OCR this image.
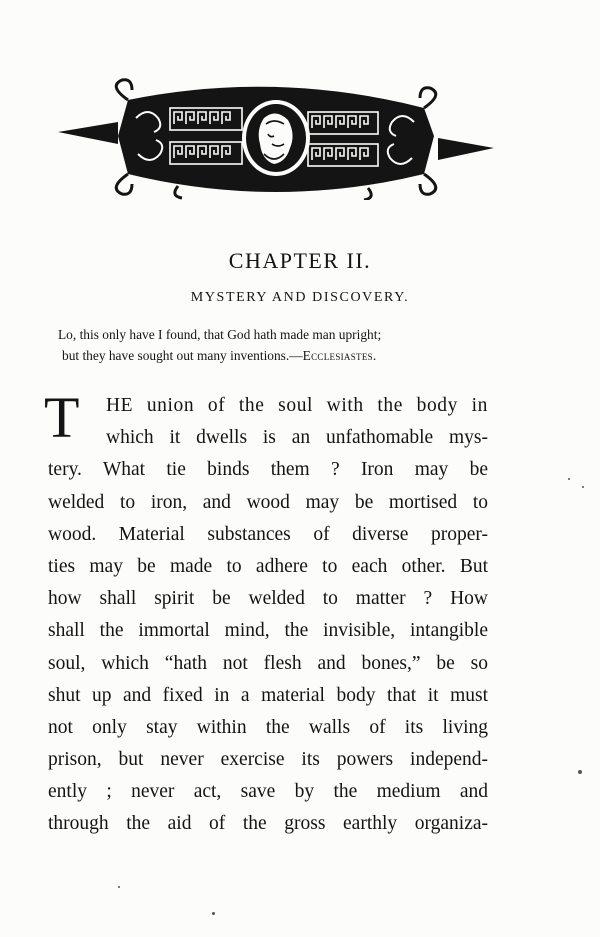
CHAPTER II.
MYSTERY AND DISCOVERY.
Lo, this only have I found, that God hath made man upright;
but they have sought out many inventions.—Ecclesiastes.
T	HE union of the soul with the body in
which it dwells is an unfathomable mys-
tery. What tie binds them ? Iron may be
welded to iron, and wood may be mortised to
wood. Material substances of diverse proper-
ties may be made to adhere to each other. But
how shall spirit be welded to matter ? How
shall the immortal mind, the invisible, intangible
soul, which “hath not flesh and bones,” be so
shut up and fixed in a material body that it must
not only stay within the walls of its living
prison, but never exercise its powers independ-
ently ; never act, save by the medium and
through the aid of the gross earthly organiza-
